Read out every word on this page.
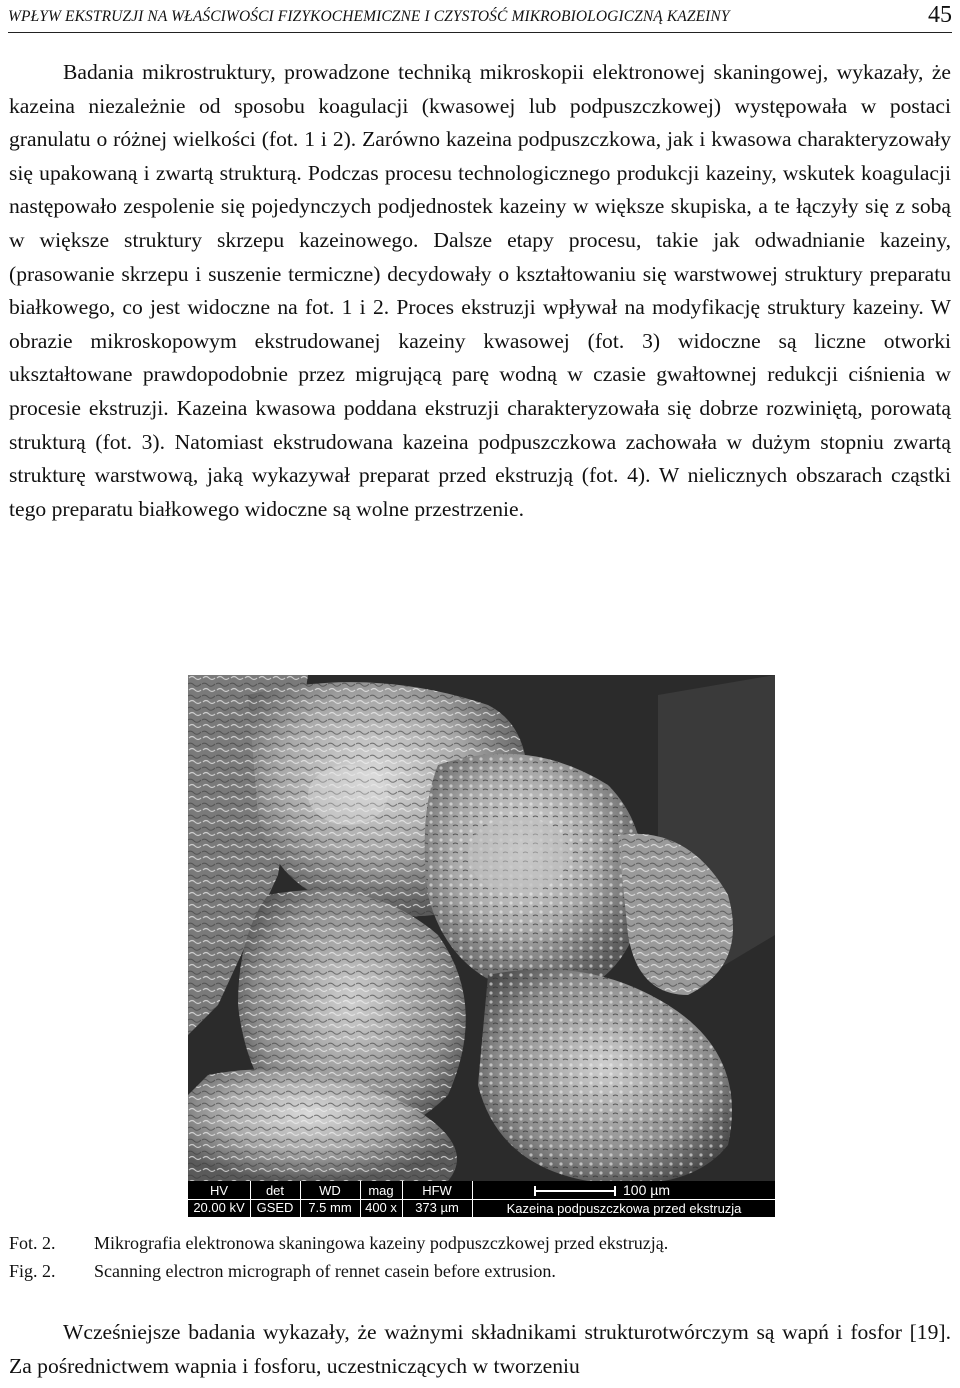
WPŁYW EKSTRUZJI NA WŁAŚCIWOŚCI FIZYKOCHEMICZNE I CZYSTOŚĆ MIKROBIOLOGICZNĄ KAZEINY	45

Badania mikrostruktury, prowadzone techniką mikroskopii elektronowej skaningowej, wykazały, że kazeina niezależnie od sposobu koagulacji (kwasowej lub podpuszczkowej) występowała w postaci granulatu o różnej wielkości (fot. 1 i 2). Zarówno kazeina podpuszczkowa, jak i kwasowa charakteryzowały się upakowaną i zwartą strukturą. Podczas procesu technologicznego produkcji kazeiny, wskutek koagulacji następowało zespolenie się pojedynczych podjednostek kazeiny w większe skupiska, a te łączyły się z sobą w większe struktury skrzepu kazeinowego. Dalsze etapy procesu, takie jak odwadnianie kazeiny, (prasowanie skrzepu i suszenie termiczne) decydowały o kształtowaniu się warstwowej struktury preparatu białkowego, co jest widoczne na fot. 1 i 2. Proces ekstruzji wpływał na modyfikację struktury kazeiny. W obrazie mikroskopowym ekstrudowanej kazeiny kwasowej (fot. 3) widoczne są liczne otworki ukształtowane prawdopodobnie przez migrującą parę wodną w czasie gwałtownej redukcji ciśnienia w procesie ekstruzji. Kazeina kwasowa poddana ekstruzji charakteryzowała się dobrze rozwiniętą, porowatą strukturą (fot. 3). Natomiast ekstrudowana kazeina podpuszczkowa zachowała w dużym stopniu zwartą strukturę warstwową, jaką wykazywał preparat przed ekstruzją (fot. 4). W nielicznych obszarach cząstki tego preparatu białkowego widoczne są wolne przestrzenie.

HV
20.00 kV
det
GSED
WD
7.5 mm
mag
400 x
HFW
373 µm
100 µm
Kazeina podpuszczkowa przed ekstruzja
Fot. 2. Mikrografia elektronowa skaningowa kazeiny podpuszczkowej przed ekstruzją.
Fig. 2. Scanning electron micrograph of rennet casein before extrusion.

Wcześniejsze badania wykazały, że ważnymi składnikami strukturotwórczym są wapń i fosfor [19]. Za pośrednictwem wapnia i fosforu, uczestniczących w tworzeniu
